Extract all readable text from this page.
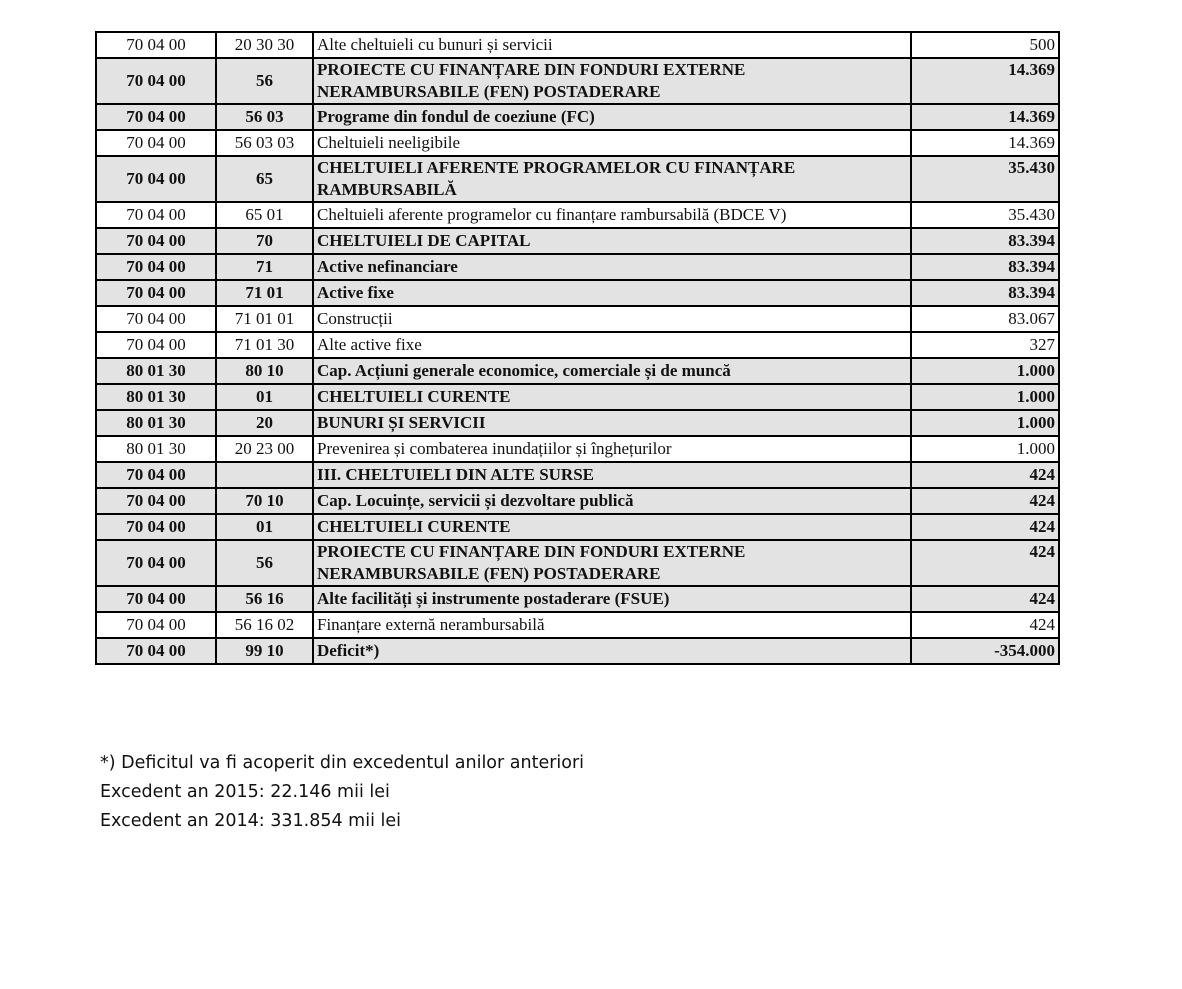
70 04 00	20 30 30	Alte cheltuieli cu bunuri și servicii	500
70 04 00	56	PROIECTE CU FINANȚARE DIN FONDURI EXTERNE NERAMBURSABILE (FEN) POSTADERARE	14.369
70 04 00	56 03	Programe din fondul de coeziune (FC)	14.369
70 04 00	56 03 03	Cheltuieli neeligibile	14.369
70 04 00	65	CHELTUIELI AFERENTE PROGRAMELOR CU FINANȚARE RAMBURSABILĂ	35.430
70 04 00	65 01	Cheltuieli aferente programelor cu finanțare rambursabilă (BDCE V)	35.430
70 04 00	70	CHELTUIELI DE CAPITAL	83.394
70 04 00	71	Active nefinanciare	83.394
70 04 00	71 01	Active fixe	83.394
70 04 00	71 01 01	Construcții	83.067
70 04 00	71 01 30	Alte active fixe	327
80 01 30	80 10	Cap. Acțiuni generale economice, comerciale și de muncă	1.000
80 01 30	01	CHELTUIELI CURENTE	1.000
80 01 30	20	BUNURI ȘI SERVICII	1.000
80 01 30	20 23 00	Prevenirea și combaterea inundațiilor și înghețurilor	1.000
70 04 00		III. CHELTUIELI DIN ALTE SURSE	424
70 04 00	70 10	Cap. Locuințe, servicii și dezvoltare publică	424
70 04 00	01	CHELTUIELI CURENTE	424
70 04 00	56	PROIECTE CU FINANȚARE DIN FONDURI EXTERNE NERAMBURSABILE (FEN) POSTADERARE	424
70 04 00	56 16	Alte facilități și instrumente postaderare (FSUE)	424
70 04 00	56 16 02	Finanțare externă nerambursabilă	424
70 04 00	99 10	Deficit*)	-354.000
*) Deficitul va fi acoperit din excedentul anilor anteriori
Excedent an 2015: 22.146 mii lei
Excedent an 2014: 331.854 mii lei
